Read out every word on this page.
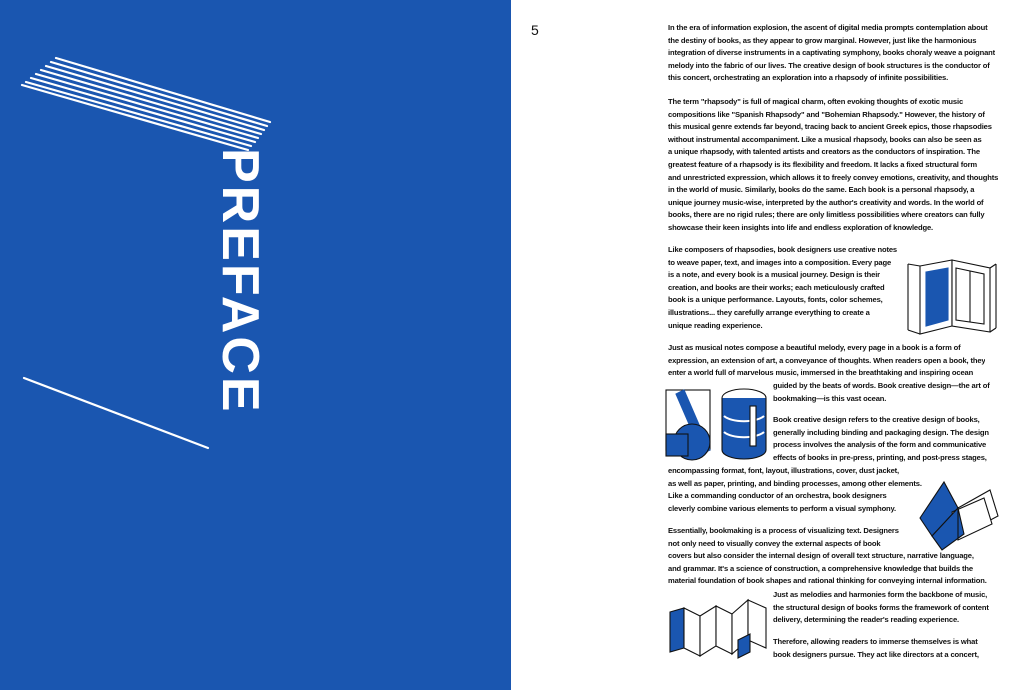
PREFACE
5	In the era of information explosion, the ascent of digital media prompts contemplation about
the destiny of books, as they appear to grow marginal. However, just like the harmonious
integration of diverse instruments in a captivating symphony, books choraly weave a poignant
melody into the fabric of our lives. The creative design of book structures is the conductor of
this concert, orchestrating an exploration into a rhapsody of infinite possibilities.

The term "rhapsody" is full of magical charm, often evoking thoughts of exotic music
compositions like "Spanish Rhapsody" and "Bohemian Rhapsody." However, the history of
this musical genre extends far beyond, tracing back to ancient Greek epics, those rhapsodies
without instrumental accompaniment. Like a musical rhapsody, books can also be seen as
a unique rhapsody, with talented artists and creators as the conductors of inspiration. The
greatest feature of a rhapsody is its flexibility and freedom. It lacks a fixed structural form
and unrestricted expression, which allows it to freely convey emotions, creativity, and thoughts
in the world of music. Similarly, books do the same. Each book is a personal rhapsody, a
unique journey music-wise, interpreted by the author's creativity and words. In the world of
books, there are no rigid rules; there are only limitless possibilities where creators can fully
showcase their keen insights into life and endless exploration of knowledge.

Like composers of rhapsodies, book designers use creative notes
to weave paper, text, and images into a composition. Every page
is a note, and every book is a musical journey. Design is their
creation, and books are their works; each meticulously crafted
book is a unique performance. Layouts, fonts, color schemes,
illustrations... they carefully arrange everything to create a
unique reading experience.

Just as musical notes compose a beautiful melody, every page in a book is a form of
expression, an extension of art, a conveyance of thoughts. When readers open a book, they
enter a world full of marvelous music, immersed in the breathtaking and inspiring ocean

guided by the beats of words. Book creative design—the art of
bookmaking—is this vast ocean.

Book creative design refers to the creative design of books,
generally including binding and packaging design. The design
process involves the analysis of the form and communicative
effects of books in pre-press, printing, and post-press stages,

encompassing format, font, layout, illustrations, cover, dust jacket,
as well as paper, printing, and binding processes, among other elements.
Like a commanding conductor of an orchestra, book designers
cleverly combine various elements to perform a visual symphony.

Essentially, bookmaking is a process of visualizing text. Designers
not only need to visually convey the external aspects of book
covers but also consider the internal design of overall text structure, narrative language,
and grammar. It's a science of construction, a comprehensive knowledge that builds the
material foundation of book shapes and rational thinking for conveying internal information.

Just as melodies and harmonies form the backbone of music,
the structural design of books forms the framework of content
delivery, determining the reader's reading experience.

Therefore, allowing readers to immerse themselves is what
book designers pursue. They act like directors at a concert,
